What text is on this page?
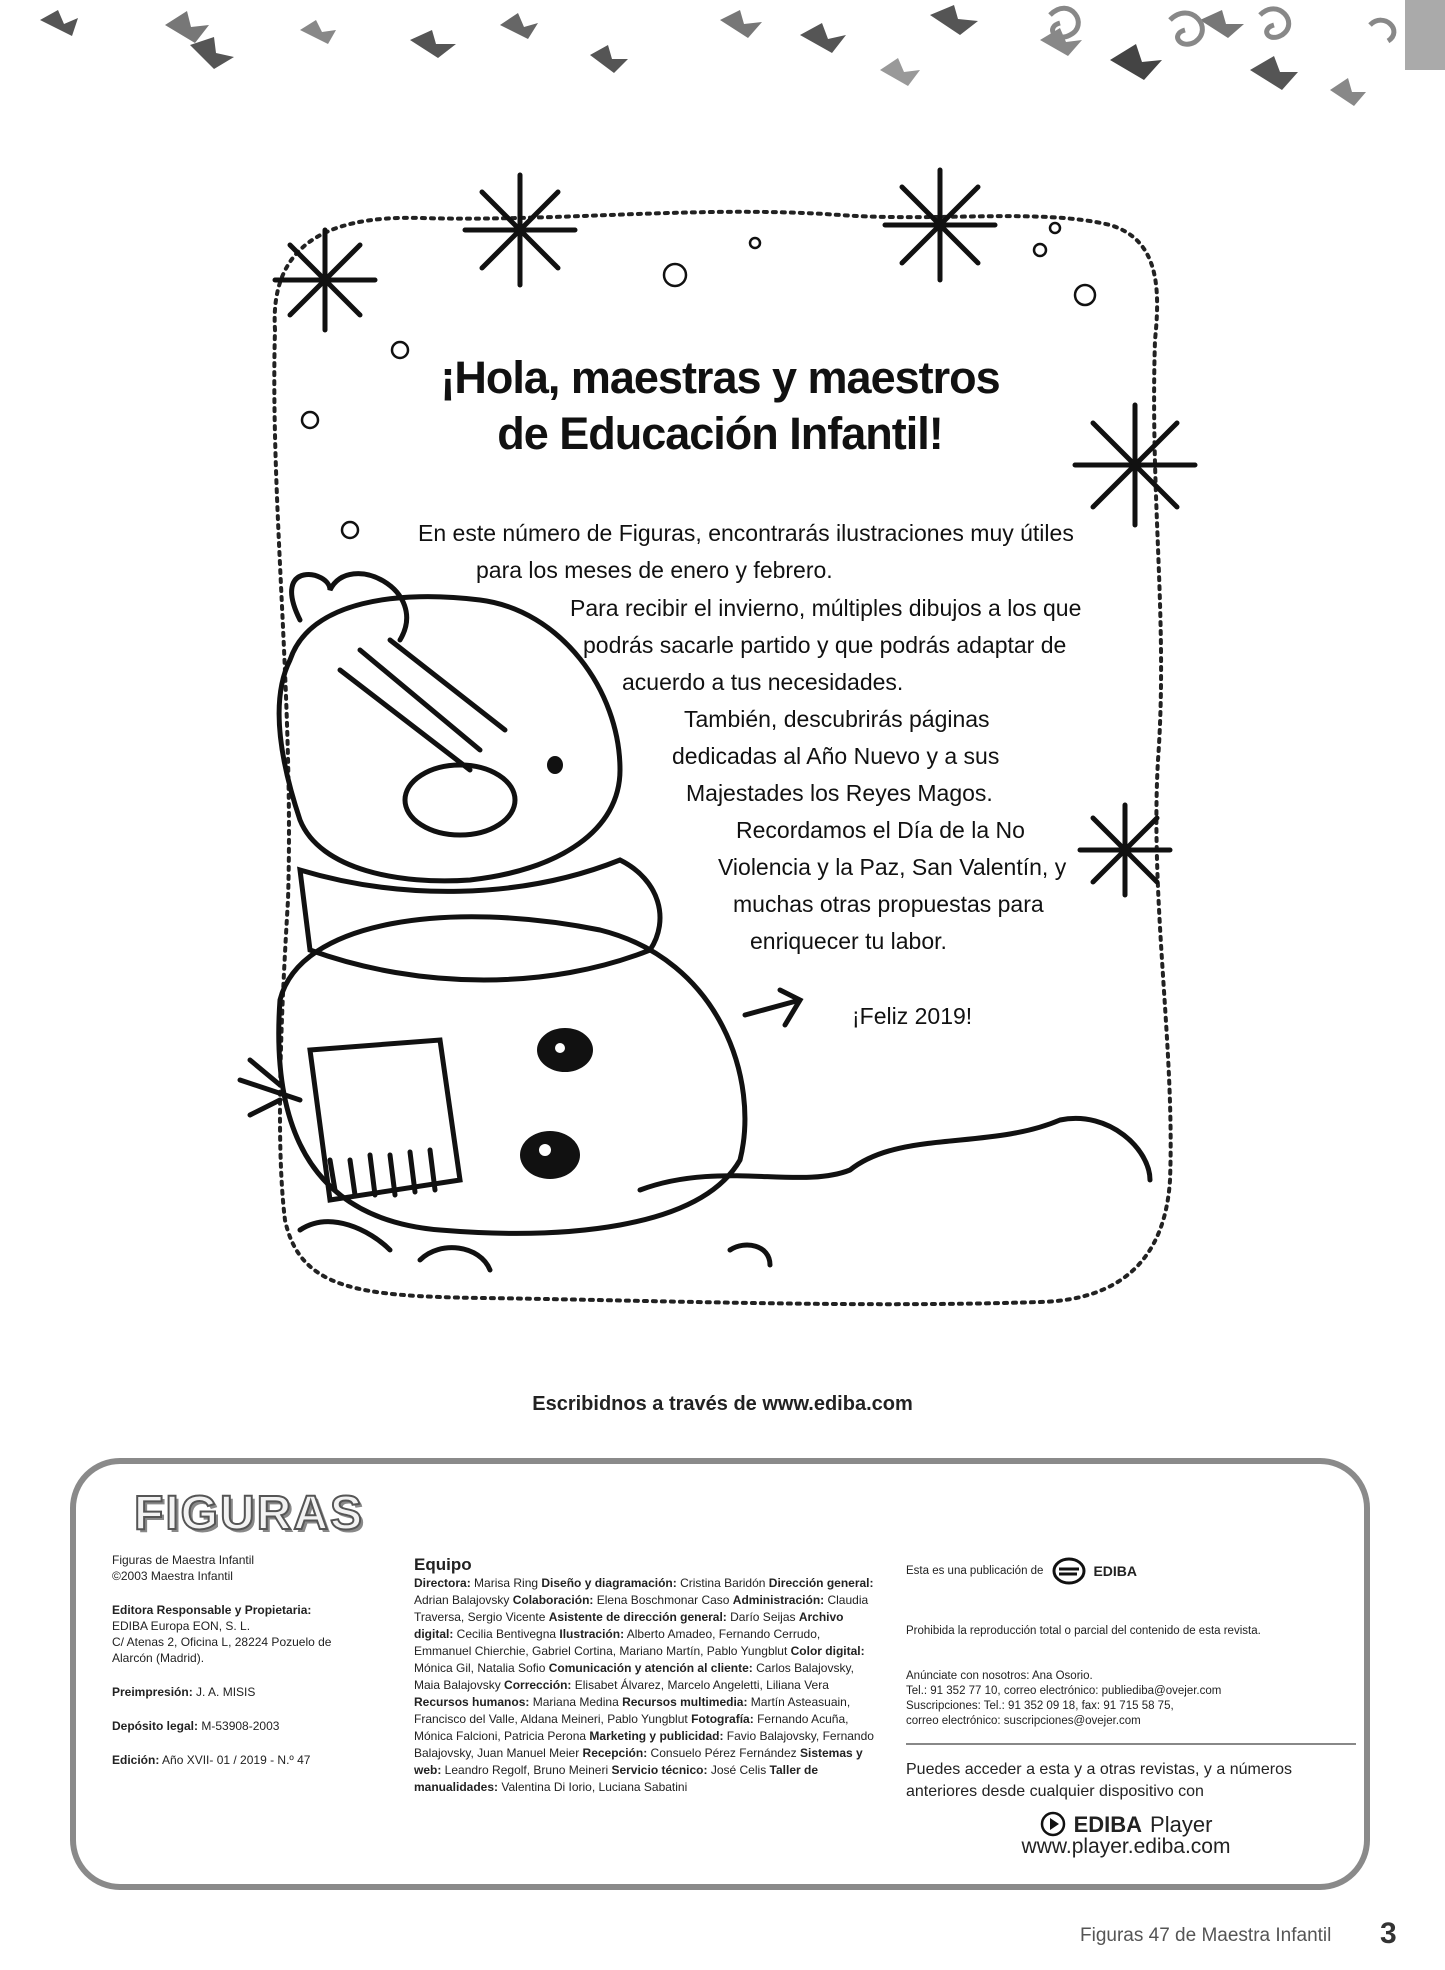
¡Hola, maestras y maestros
de Educación Infantil!
En este número de Figuras, encontrarás ilustraciones muy útiles
para los meses de enero y febrero.
Para recibir el invierno, múltiples dibujos a los que
podrás sacarle partido y que podrás adaptar de
acuerdo a tus necesidades.
También, descubrirás páginas
dedicadas al Año Nuevo y a sus
Majestades los Reyes Magos.
Recordamos el Día de la No
Violencia y la Paz, San Valentín, y
muchas otras propuestas para
enriquecer tu labor.
¡Feliz 2019!
Escribidnos a través de www.ediba.com
FIGURAS

Figuras de Maestra Infantil
©2003 Maestra Infantil

Editora Responsable y Propietaria:
EDIBA Europa EON, S. L.
C/ Atenas 2, Oficina L, 28224 Pozuelo de Alarcón (Madrid).

Preimpresión: J. A. MISIS

Depósito legal: M-53908-2003

Edición: Año XVII- 01 / 2019 - N.º 47

Equipo

Directora: Marisa Ring Diseño y diagramación: Cristina Baridón Dirección general: Adrian Balajovsky Colaboración: Elena Boschmonar Caso Administración: Claudia Traversa, Sergio Vicente Asistente de dirección general: Darío Seijas Archivo digital: Cecilia Bentivegna Ilustración: Alberto Amadeo, Fernando Cerrudo, Emmanuel Chierchie, Gabriel Cortina, Mariano Martín, Pablo Yungblut Color digital: Mónica Gil, Natalia Sofio Comunicación y atención al cliente: Carlos Balajovsky, Maia Balajovsky Corrección: Elisabet Álvarez, Marcelo Angeletti, Liliana Vera Recursos humanos: Mariana Medina Recursos multimedia: Martín Asteasuain, Francisco del Valle, Aldana Meineri, Pablo Yungblut Fotografía: Fernando Acuña, Mónica Falcioni, Patricia Perona Marketing y publicidad: Favio Balajovsky, Fernando Balajovsky, Juan Manuel Meier Recepción: Consuelo Pérez Fernández Sistemas y web: Leandro Regolf, Bruno Meineri Servicio técnico: José Celis Taller de manualidades: Valentina Di Iorio, Luciana Sabatini

Esta es una publicación de	EDIBA
Prohibida la reproducción total o parcial del contenido de esta revista.
Anúnciate con nosotros: Ana Osorio.
Tel.: 91 352 77 10, correo electrónico: publiediba@ovejer.com
Suscripciones: Tel.: 91 352 09 18, fax: 91 715 58 75,
correo electrónico: suscripciones@ovejer.com
Puedes acceder a esta y a otras revistas, y a números anteriores desde cualquier dispositivo con
EDIBA Player
www.player.ediba.com
Figuras 47 de Maestra Infantil 3
